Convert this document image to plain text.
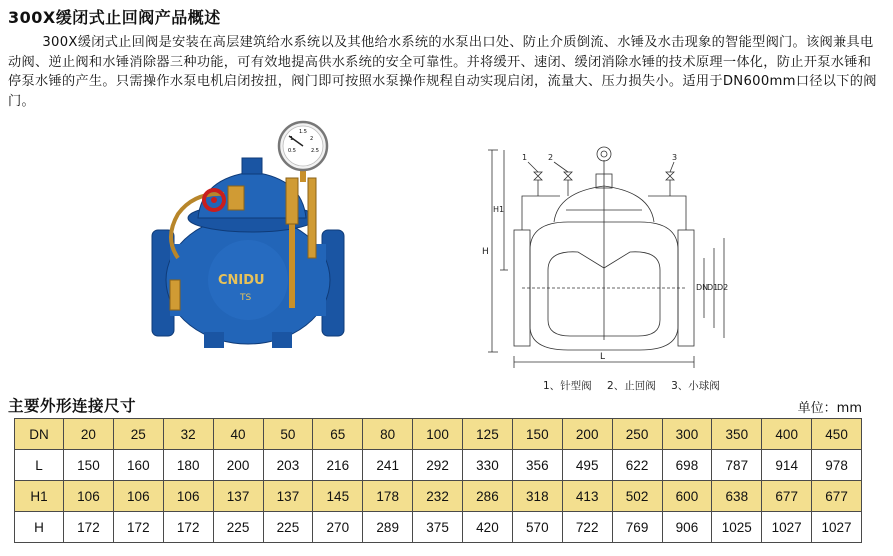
300X缓闭式止回阀产品概述

300X缓闭式止回阀是安装在高层建筑给水系统以及其他给水系统的水泵出口处、防止介质倒流、水锤及水击现象的智能型阀门。该阀兼具电动阀、逆止阀和水锤消除器三种功能，可有效地提高供水系统的安全可靠性。并将缓开、速闭、缓闭消除水锤的技术原理一体化，防止开泵水锤和停泵水锤的产生。只需操作水泵电机启闭按扭，阀门即可按照水泵操作规程自动实现启闭，流量大、压力损失小。适用于DN600mm口径以下的阀门。

0.5
1
1.5
2
2.5
CNIDU
TS
H
H1
DN
D1
D2
L
1	2	3

1、针型阀 2、止回阀 3、小球阀

主要外形连接尺寸	单位：mm

DN	20	25	32	40	50	65	80	100	125	150	200	250	300	350	400	450
L	150	160	180	200	203	216	241	292	330	356	495	622	698	787	914	978
H1	106	106	106	137	137	145	178	232	286	318	413	502	600	638	677	677
H	172	172	172	225	225	270	289	375	420	570	722	769	906	1025	1027	1027
